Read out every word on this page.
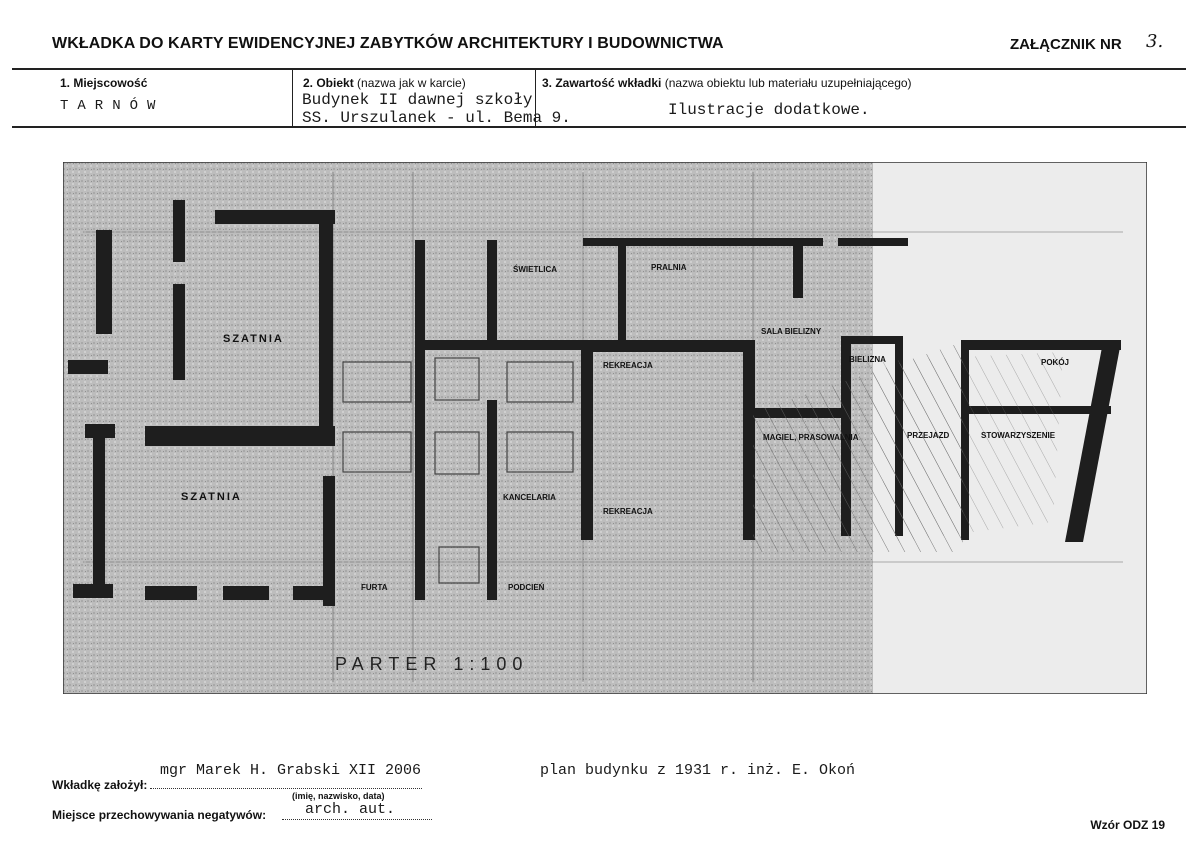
WKŁADKA DO KARTY EWIDENCYJNEJ ZABYTKÓW ARCHITEKTURY I BUDOWNICTWA	ZAŁĄCZNIK NR 3.
1. Miejscowość
TARNÓW
2. Obiekt (nazwa jak w karcie)
Budynek II dawnej szkoły
SS. Urszulanek - ul. Bema 9.
3. Zawartość wkładki (nazwa obiektu lub materiału uzupełniającego)
Ilustracje dodatkowe.
SZATNIA
SZATNIA
ŚWIETLICA	PRALNIA
REKREACJA
REKREACJA
KANCELARIA
PODCIEŃ
FURTA
MAGIEL, PRASOWALNIA
BIELIZNA
PRZEJAZD
POKÓJ
STOWARZYSZENIE
SALA BIELIZNY
PARTER 1:100
Wkładkę założył:
mgr Marek H. Grabski XII 2006
(imię, nazwisko, data)
plan budynku z 1931 r. inż. E. Okoń
Miejsce przechowywania negatywów:	arch. aut.
Wzór ODZ 19
